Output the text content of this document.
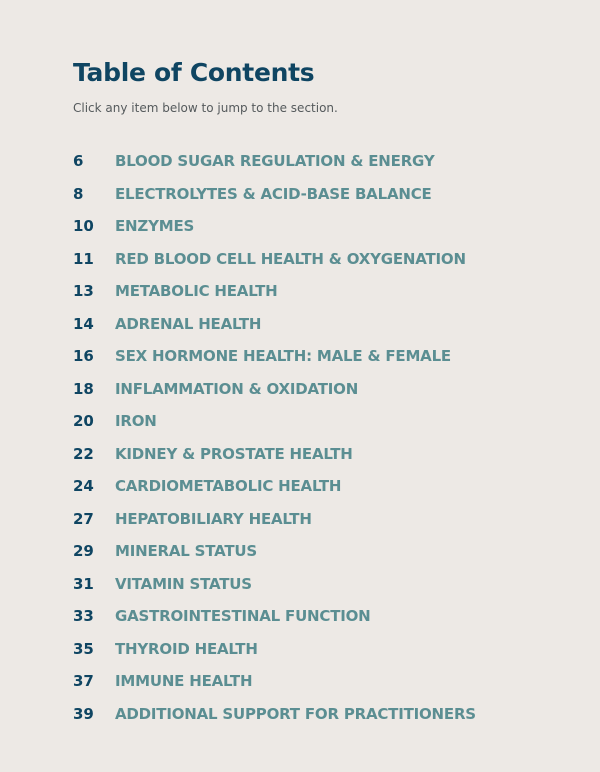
Table of Contents

Click any item below to jump to the section.

6	BLOOD SUGAR REGULATION & ENERGY
8	ELECTROLYTES & ACID-BASE BALANCE
10	ENZYMES
11	RED BLOOD CELL HEALTH & OXYGENATION
13	METABOLIC HEALTH
14	ADRENAL HEALTH
16	SEX HORMONE HEALTH: MALE & FEMALE
18	INFLAMMATION & OXIDATION
20	IRON
22	KIDNEY & PROSTATE HEALTH
24	CARDIOMETABOLIC HEALTH
27	HEPATOBILIARY HEALTH
29	MINERAL STATUS
31	VITAMIN STATUS
33	GASTROINTESTINAL FUNCTION
35	THYROID HEALTH
37	IMMUNE HEALTH
39	ADDITIONAL SUPPORT FOR PRACTITIONERS
